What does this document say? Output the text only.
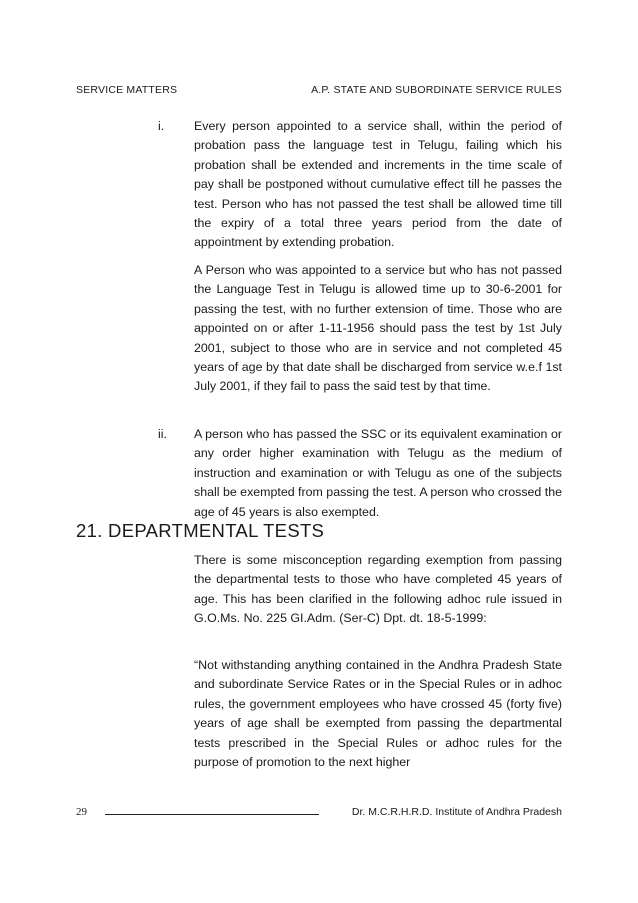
SERVICE MATTERS	A.P. STATE AND SUBORDINATE SERVICE RULES
i. Every person appointed to a service shall, within the period of probation pass the language test in Telugu, failing which his probation shall be extended and increments in the time scale of pay shall be postponed without cumulative effect till he passes the test. Person who has not passed the test shall be allowed time till the expiry of a total three years period from the date of appointment by extending probation.

A Person who was appointed to a service but who has not passed the Language Test in Telugu is allowed time up to 30-6-2001 for passing the test, with no further extension of time. Those who are appointed on or after 1-11-1956 should pass the test by 1st July 2001, subject to those who are in service and not completed 45 years of age by that date shall be discharged from service w.e.f 1st July 2001, if they fail to pass the said test by that time.

ii. A person who has passed the SSC or its equivalent examination or any order higher examination with Telugu as the medium of instruction and examination or with Telugu as one of the subjects shall be exempted from passing the test. A person who crossed the age of 45 years is also exempted.

21. DEPARTMENTAL TESTS

There is some misconception regarding exemption from passing the departmental tests to those who have completed 45 years of age. This has been clarified in the following adhoc rule issued in G.O.Ms. No. 225 GI.Adm. (Ser-C) Dpt. dt. 18-5-1999:

“Not withstanding anything contained in the Andhra Pradesh State and subordinate Service Rates or in the Special Rules or in adhoc rules, the government employees who have crossed 45 (forty five) years of age shall be exempted from passing the departmental tests prescribed in the Special Rules or adhoc rules for the purpose of promotion to the next higher

29	Dr. M.C.R.H.R.D. Institute of Andhra Pradesh
